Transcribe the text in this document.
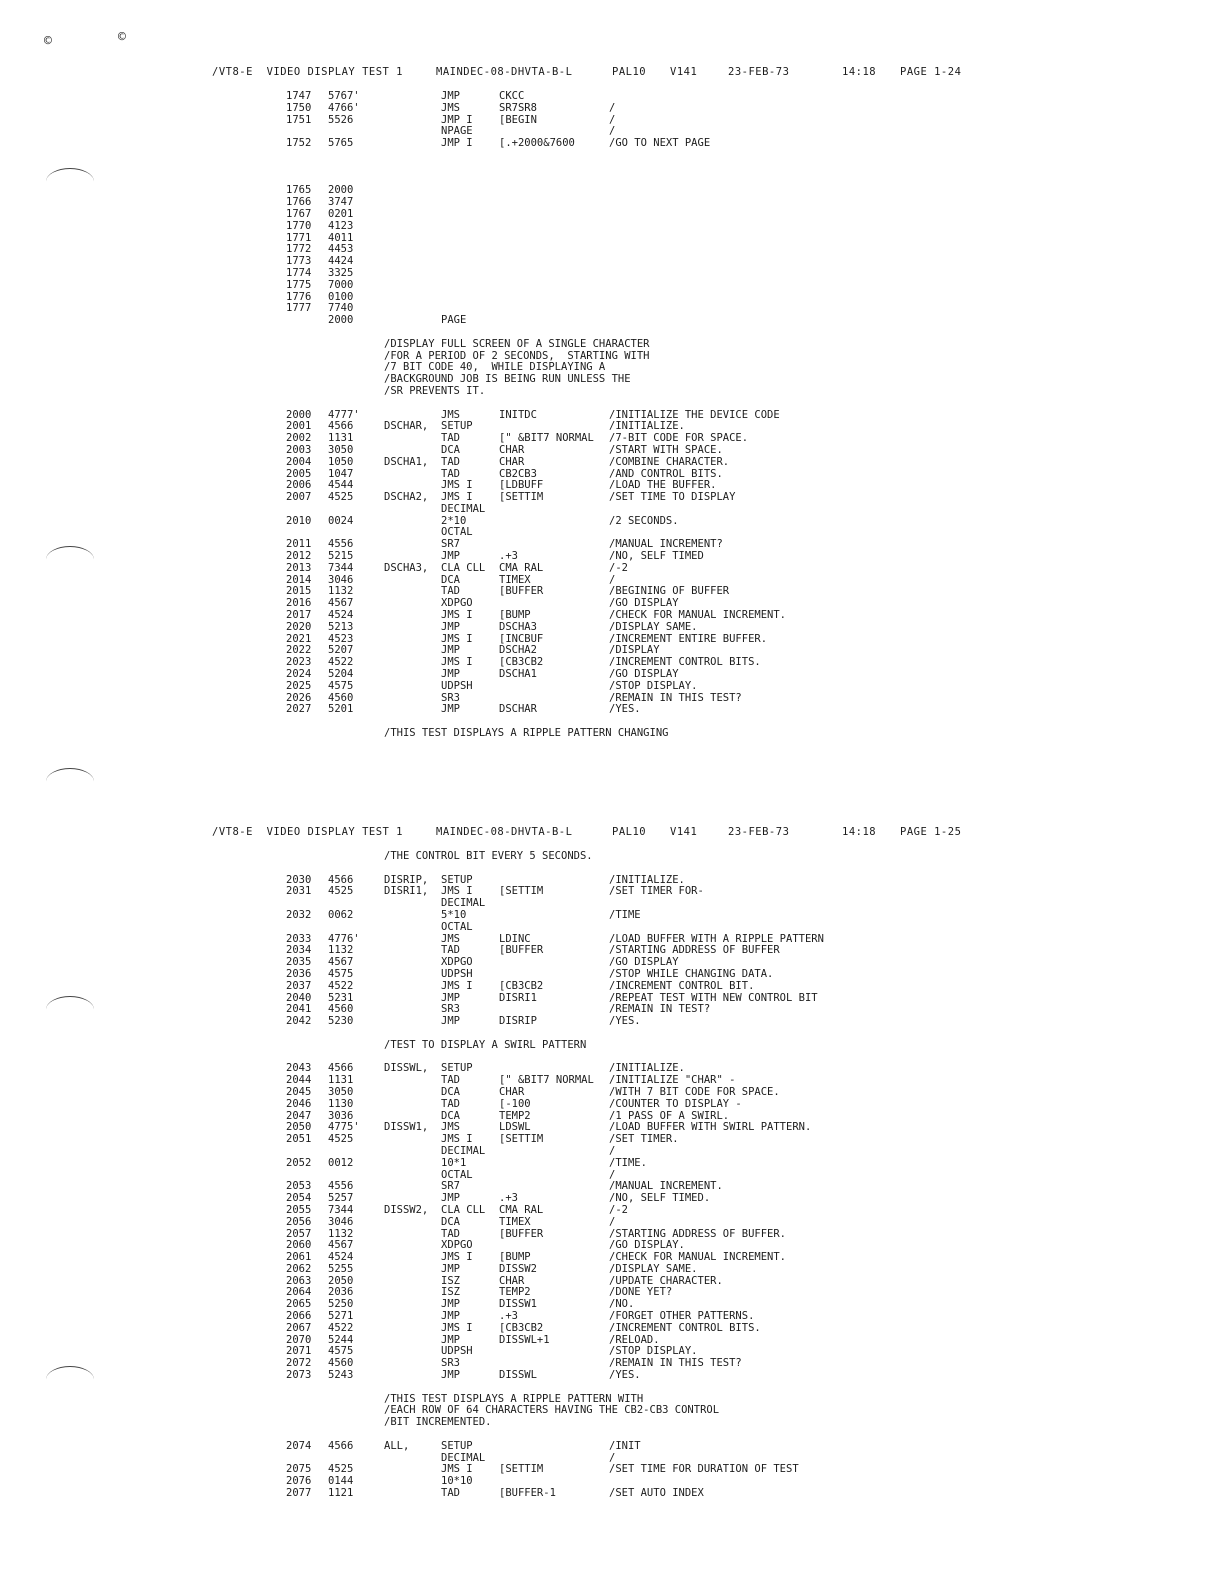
©	©

/VT8-E  VIDEO DISPLAY TEST 1

	MAINDEC-08-DHVTA-B-L

	PAL10

V141

	23-FEB-73

	14:18

PAGE 1-24

1747 5767'	JMP	CKCC
1750 4766'	JMS	SR7SR8	/
1751 5526	JMP I	[BEGIN	/
NPAGE	/
1752 5765	JMP I	[.+2000&7600	/GO TO NEXT PAGE
1765 2000
1766 3747
1767 0201
1770 4123
1771 4011
1772 4453
1773 4424
1774 3325
1775 7000
1776 0100
1777 7740
2000	PAGE
/DISPLAY FULL SCREEN OF A SINGLE CHARACTER
/FOR A PERIOD OF 2 SECONDS,  STARTING WITH
/7 BIT CODE 40,  WHILE DISPLAYING A
/BACKGROUND JOB IS BEING RUN UNLESS THE
/SR PREVENTS IT.
2000 4777'	JMS	INITDC	/INITIALIZE THE DEVICE CODE
2001 4566	DSCHAR, SETUP	/INITIALIZE.
2002 1131	TAD	[" &BIT7 NORMAL /7-BIT CODE FOR SPACE.
2003 3050	DCA	CHAR	/START WITH SPACE.
2004 1050	DSCHA1, TAD	CHAR	/COMBINE CHARACTER.
2005 1047	TAD	CB2CB3	/AND CONTROL BITS.
2006 4544	JMS I	[LDBUFF	/LOAD THE BUFFER.
2007 4525	DSCHA2, JMS I	[SETTIM	/SET TIME TO DISPLAY
DECIMAL
2010 0024	2*10	/2 SECONDS.
OCTAL
2011 4556	SR7	/MANUAL INCREMENT?
2012 5215	JMP	.+3	/NO, SELF TIMED
2013 7344	DSCHA3, CLA CLL CMA RAL	/-2
2014 3046	DCA	TIMEX	/
2015 1132	TAD	[BUFFER	/BEGINING OF BUFFER
2016 4567	XDPGO	/GO DISPLAY
2017 4524	JMS I	[BUMP	/CHECK FOR MANUAL INCREMENT.
2020 5213	JMP	DSCHA3	/DISPLAY SAME.
2021 4523	JMS I	[INCBUF	/INCREMENT ENTIRE BUFFER.
2022 5207	JMP	DSCHA2	/DISPLAY
2023 4522	JMS I	[CB3CB2	/INCREMENT CONTROL BITS.
2024 5204	JMP	DSCHA1	/GO DISPLAY
2025 4575	UDPSH	/STOP DISPLAY.
2026 4560	SR3	/REMAIN IN THIS TEST?
2027 5201	JMP	DSCHAR	/YES.
/THIS TEST DISPLAYS A RIPPLE PATTERN CHANGING

/VT8-E  VIDEO DISPLAY TEST 1

	MAINDEC-08-DHVTA-B-L

	PAL10

V141

	23-FEB-73

	14:18

PAGE 1-25

/THE CONTROL BIT EVERY 5 SECONDS.
2030 4566	DISRIP, SETUP	/INITIALIZE.
2031 4525	DISRI1, JMS I	[SETTIM	/SET TIMER FOR-
DECIMAL
2032 0062	5*10	/TIME
OCTAL
2033 4776'	JMS	LDINC	/LOAD BUFFER WITH A RIPPLE PATTERN
2034 1132	TAD	[BUFFER	/STARTING ADDRESS OF BUFFER
2035 4567	XDPGO	/GO DISPLAY
2036 4575	UDPSH	/STOP WHILE CHANGING DATA.
2037 4522	JMS I	[CB3CB2	/INCREMENT CONTROL BIT.
2040 5231	JMP	DISRI1	/REPEAT TEST WITH NEW CONTROL BIT
2041 4560	SR3	/REMAIN IN TEST?
2042 5230	JMP	DISRIP	/YES.
/TEST TO DISPLAY A SWIRL PATTERN
2043 4566	DISSWL, SETUP	/INITIALIZE.
2044 1131	TAD	[" &BIT7 NORMAL /INITIALIZE "CHAR" -
2045 3050	DCA	CHAR	/WITH 7 BIT CODE FOR SPACE.
2046 1130	TAD	[-100	/COUNTER TO DISPLAY -
2047 3036	DCA	TEMP2	/1 PASS OF A SWIRL.
2050 4775' DISSW1, JMS	LDSWL	/LOAD BUFFER WITH SWIRL PATTERN.
2051 4525	JMS I	[SETTIM	/SET TIMER.
DECIMAL	/
2052 0012	10*1	/TIME.
OCTAL	/
2053 4556	SR7	/MANUAL INCREMENT.
2054 5257	JMP	.+3	/NO, SELF TIMED.
2055 7344	DISSW2, CLA CLL CMA RAL	/-2
2056 3046	DCA	TIMEX	/
2057 1132	TAD	[BUFFER	/STARTING ADDRESS OF BUFFER.
2060 4567	XDPGO	/GO DISPLAY.
2061 4524	JMS I	[BUMP	/CHECK FOR MANUAL INCREMENT.
2062 5255	JMP	DISSW2	/DISPLAY SAME.
2063 2050	ISZ	CHAR	/UPDATE CHARACTER.
2064 2036	ISZ	TEMP2	/DONE YET?
2065 5250	JMP	DISSW1	/NO.
2066 5271	JMP	.+3	/FORGET OTHER PATTERNS.
2067 4522	JMS I	[CB3CB2	/INCREMENT CONTROL BITS.
2070 5244	JMP	DISSWL+1	/RELOAD.
2071 4575	UDPSH	/STOP DISPLAY.
2072 4560	SR3	/REMAIN IN THIS TEST?
2073 5243	JMP	DISSWL	/YES.
/THIS TEST DISPLAYS A RIPPLE PATTERN WITH
/EACH ROW OF 64 CHARACTERS HAVING THE CB2-CB3 CONTROL
/BIT INCREMENTED.
2074 4566	ALL,	SETUP	/INIT
DECIMAL	/
2075 4525	JMS I	[SETTIM	/SET TIME FOR DURATION OF TEST
2076 0144	10*10
2077 1121	TAD	[BUFFER-1	/SET AUTO INDEX
